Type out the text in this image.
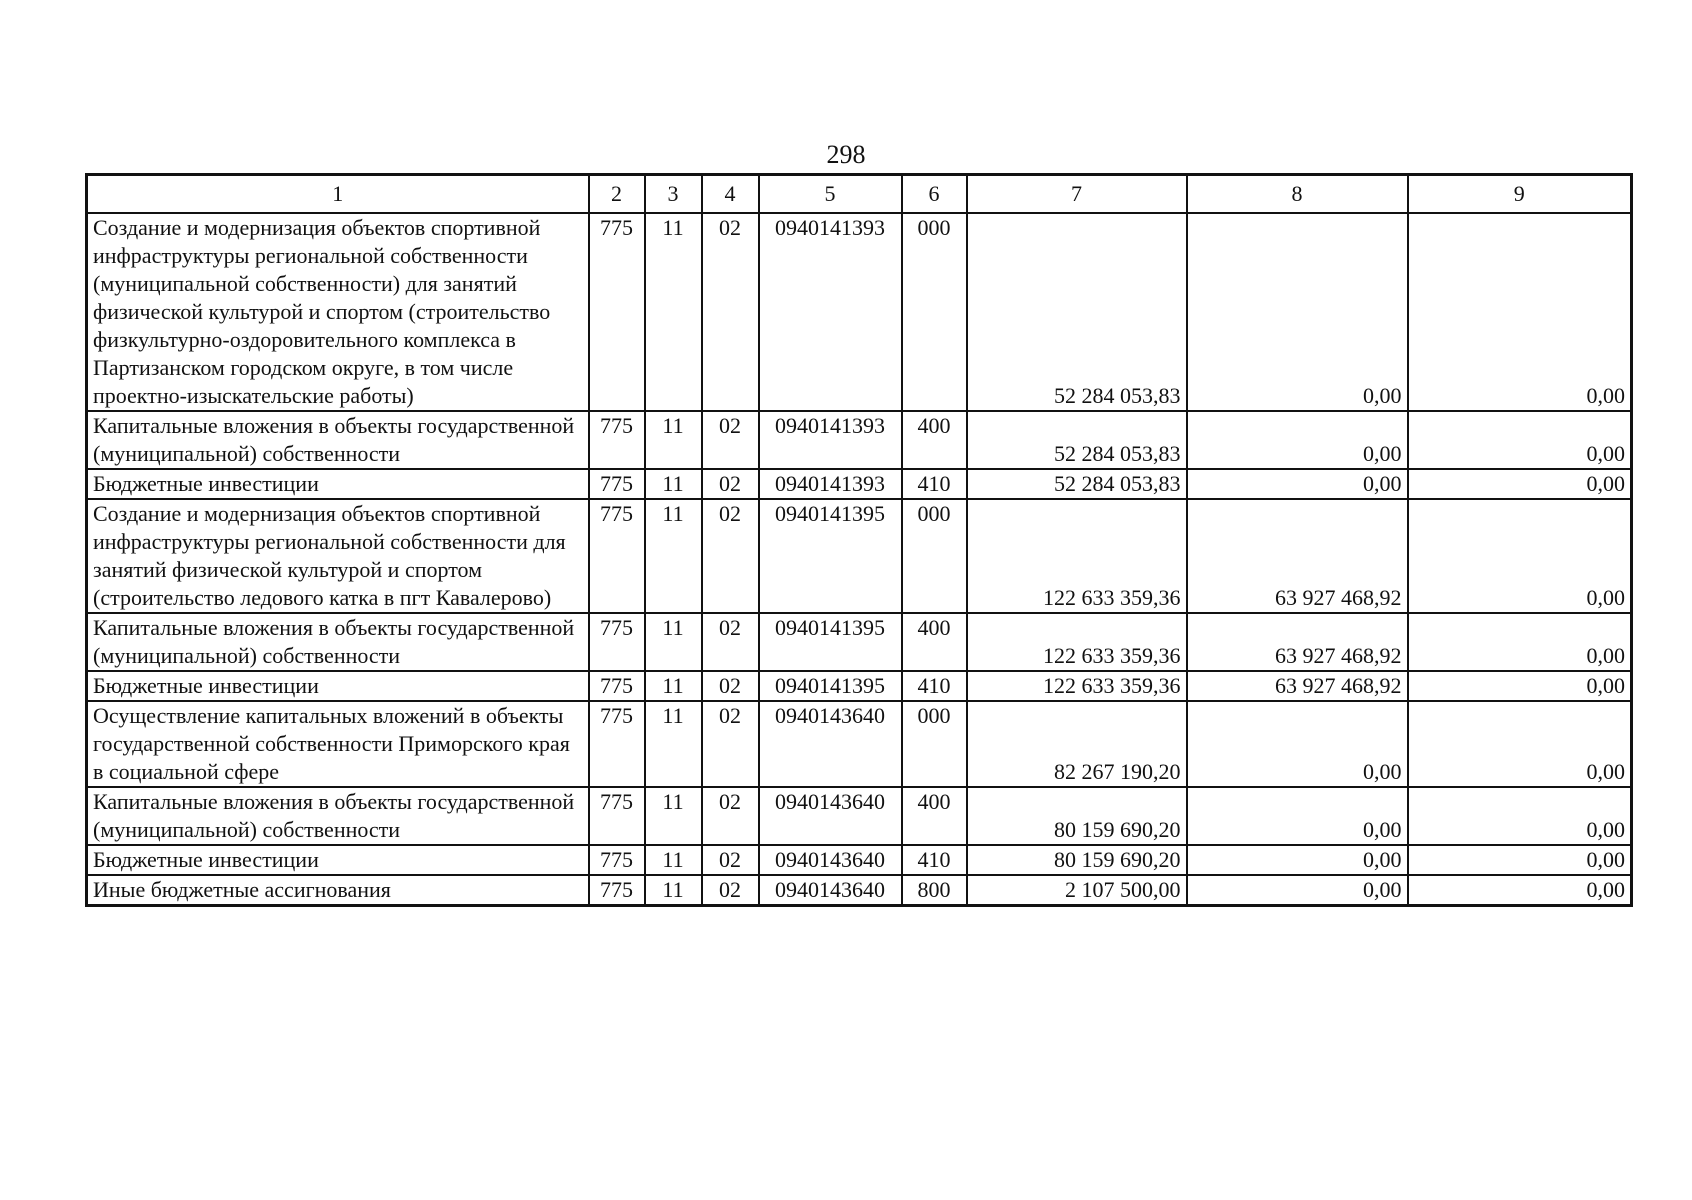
298
1	2	3	4	5	6	7	8	9
Создание и модернизация объектов спортивной инфраструктуры региональной собственности (муниципальной собственности) для занятий физической культурой и спортом (строительство физкультурно-оздоровительного комплекса в Партизанском городском округе, в том числе проектно-изыскательские работы)	775	11	02	0940141393	000	52 284 053,83	0,00	0,00
Капитальные вложения в объекты государственной (муниципальной) собственности	775	11	02	0940141393	400	52 284 053,83	0,00	0,00
Бюджетные инвестиции	775	11	02	0940141393	410	52 284 053,83	0,00	0,00
Создание и модернизация объектов спортивной инфраструктуры региональной собственности для занятий физической культурой и спортом (строительство ледового катка в пгт Кавалерово)	775	11	02	0940141395	000	122 633 359,36	63 927 468,92	0,00
Капитальные вложения в объекты государственной (муниципальной) собственности	775	11	02	0940141395	400	122 633 359,36	63 927 468,92	0,00
Бюджетные инвестиции	775	11	02	0940141395	410	122 633 359,36	63 927 468,92	0,00
Осуществление капитальных вложений в объекты государственной собственности Приморского края в социальной сфере	775	11	02	0940143640	000	82 267 190,20	0,00	0,00
Капитальные вложения в объекты государственной (муниципальной) собственности	775	11	02	0940143640	400	80 159 690,20	0,00	0,00
Бюджетные инвестиции	775	11	02	0940143640	410	80 159 690,20	0,00	0,00
Иные бюджетные ассигнования	775	11	02	0940143640	800	2 107 500,00	0,00	0,00
